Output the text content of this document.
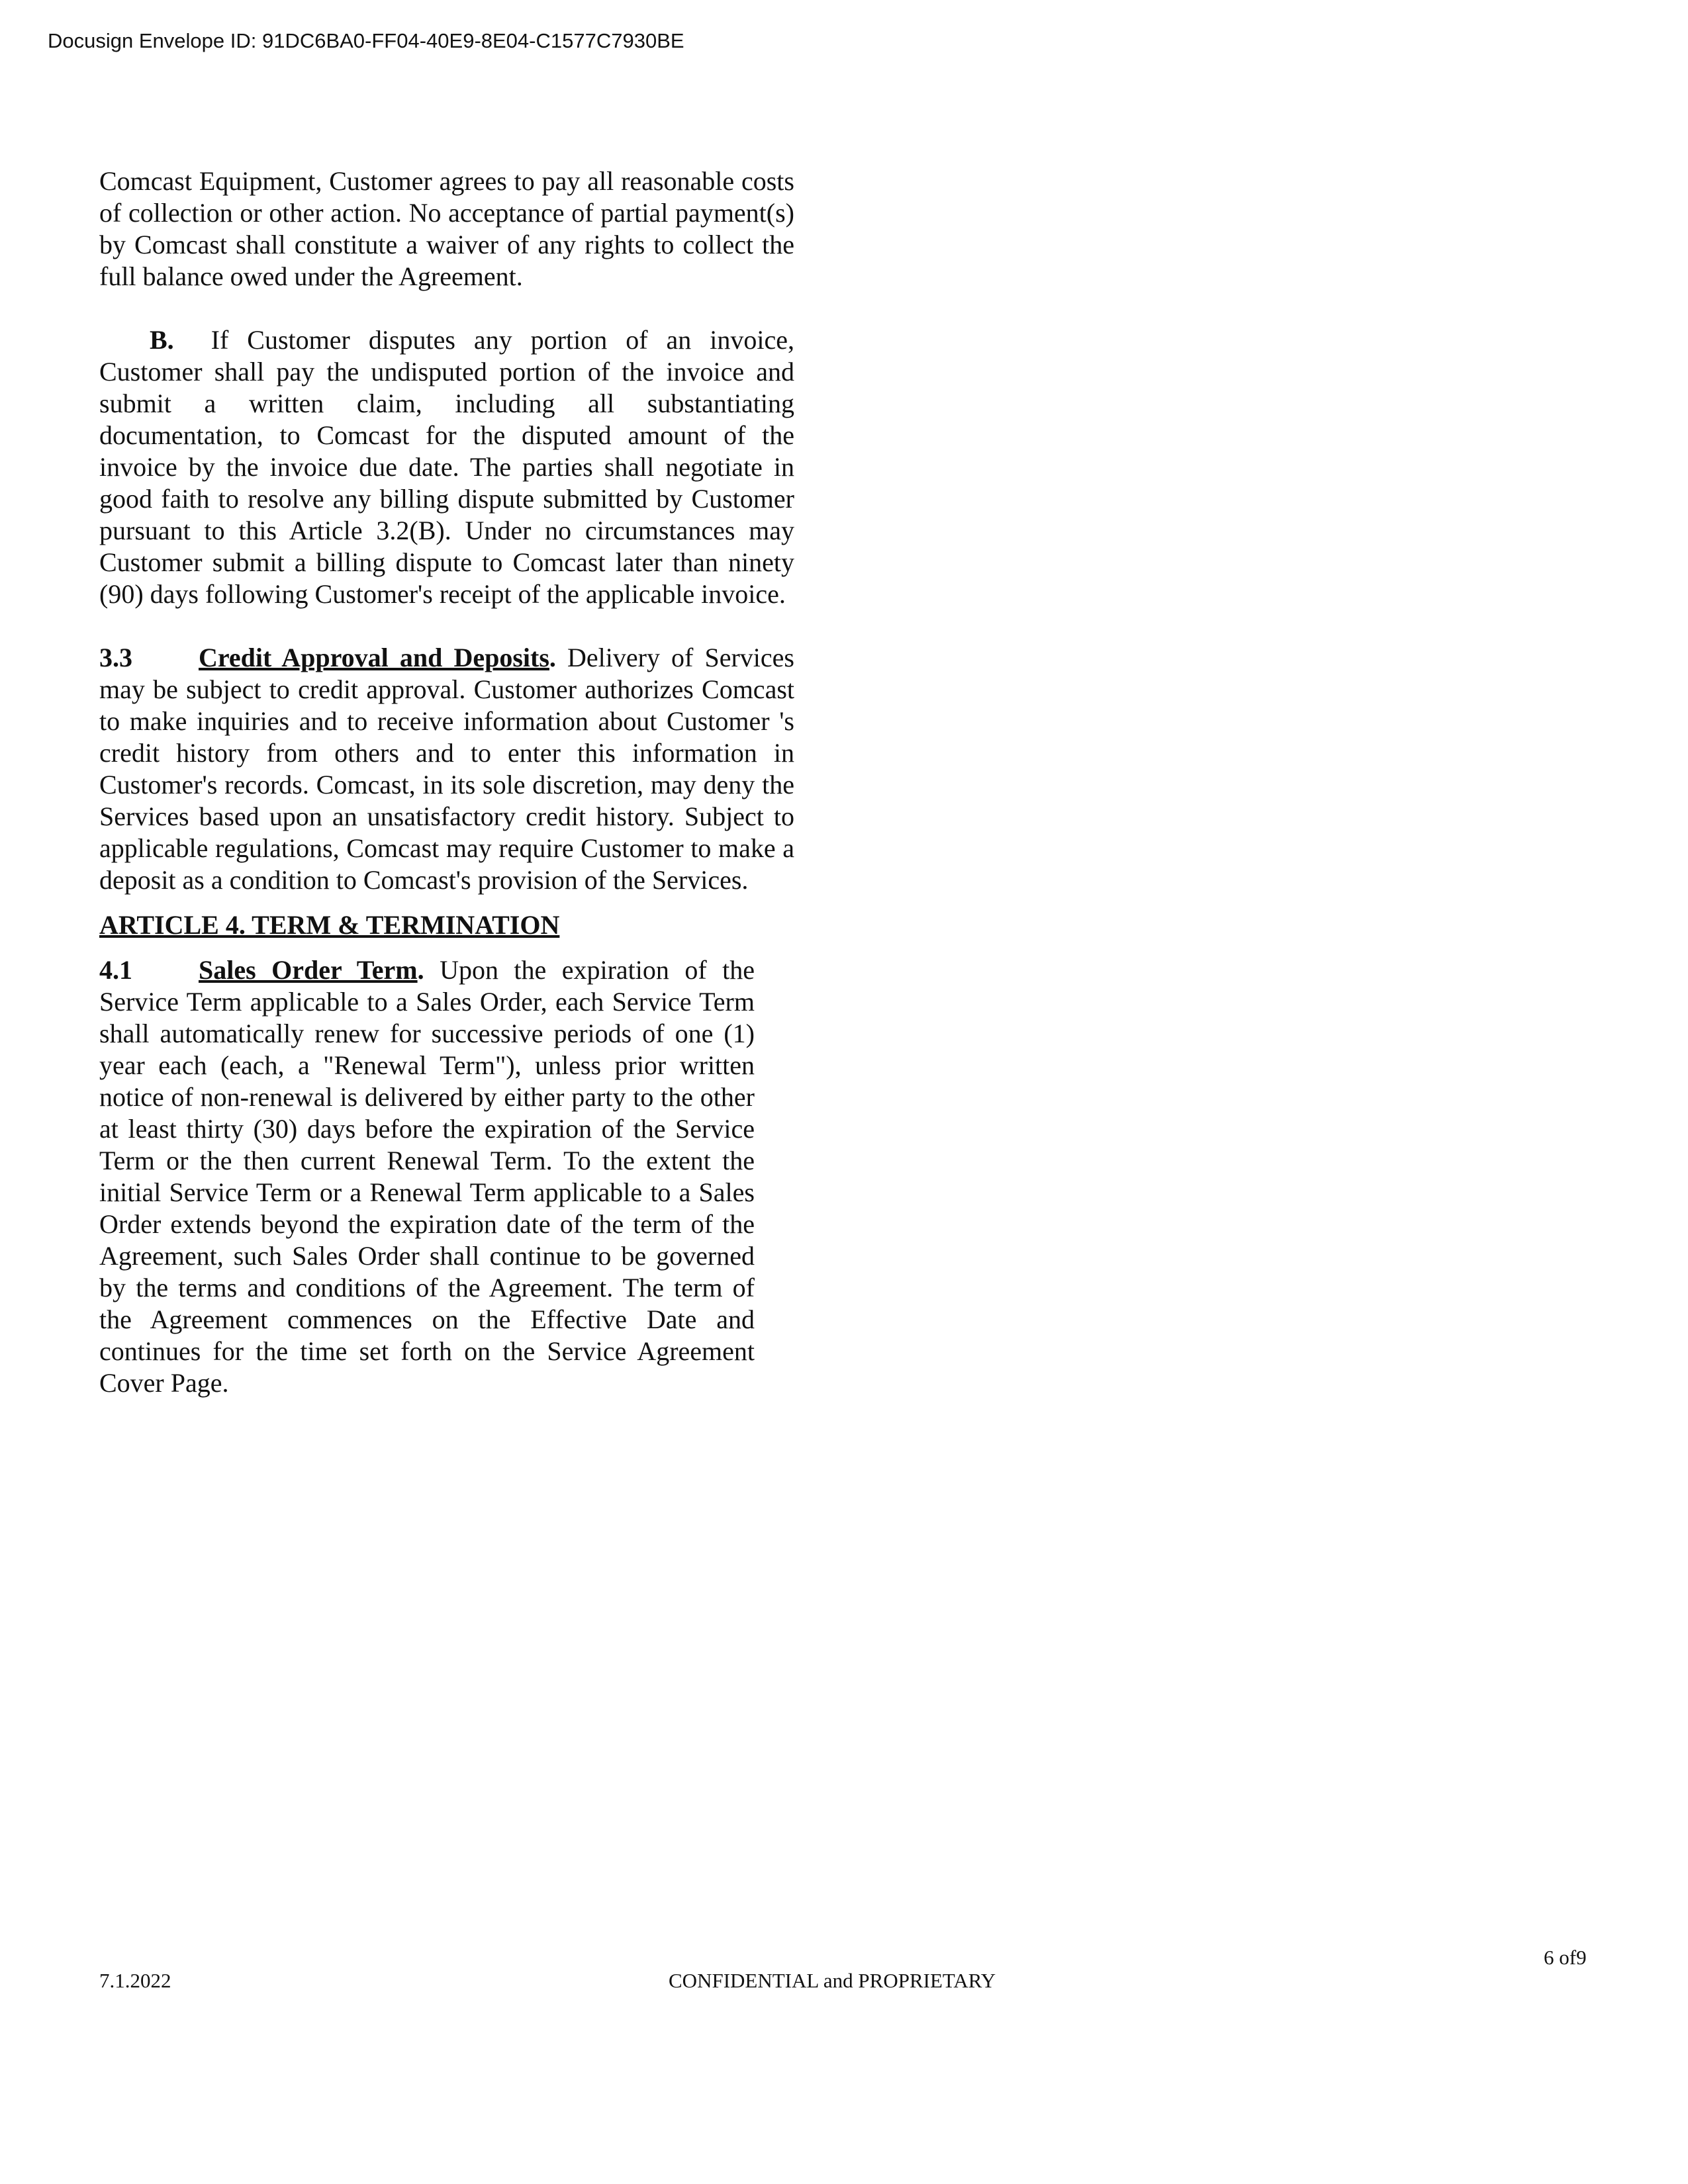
Docusign Envelope ID: 91DC6BA0-FF04-40E9-8E04-C1577C7930BE

Comcast Equipment, Customer agrees to pay all reasonable costs of collection or other action. No acceptance of partial payment(s) by Comcast shall constitute a waiver of any rights to collect the full balance owed under the Agreement.

B. If Customer disputes any portion of an invoice, Customer shall pay the undisputed portion of the invoice and submit a written claim, including all substantiating documentation, to Comcast for the disputed amount of the invoice by the invoice due date. The parties shall negotiate in good faith to resolve any billing dispute submitted by Customer pursuant to this Article 3.2(B). Under no circumstances may Customer submit a billing dispute to Comcast later than ninety (90) days following Customer's receipt of the applicable invoice.

3.3	Credit Approval and Deposits. Delivery of Services may be subject to credit approval. Customer authorizes Comcast to make inquiries and to receive information about Customer 's credit history from others and to enter this information in Customer's records. Comcast, in its sole discretion, may deny the Services based upon an unsatisfactory credit history. Subject to applicable regulations, Comcast may require Customer to make a deposit as a condition to Comcast's provision of the Services.

ARTICLE 4. TERM & TERMINATION

4.1	Sales Order Term. Upon the expiration of the Service Term applicable to a Sales Order, each Service Term shall automatically renew for successive periods of one (1) year each (each, a "Renewal Term"), unless prior written notice of non-renewal is delivered by either party to the other at least thirty (30) days before the expiration of the Service Term or the then current Renewal Term. To the extent the initial Service Term or a Renewal Term applicable to a Sales Order extends beyond the expiration date of the term of the Agreement, such Sales Order shall continue to be governed by the terms and conditions of the Agreement. The term of the Agreement commences on the Effective Date and continues for the time set forth on the Service Agreement Cover Page.

6 of9
7.1.2022	CONFIDENTIAL and PROPRIETARY
